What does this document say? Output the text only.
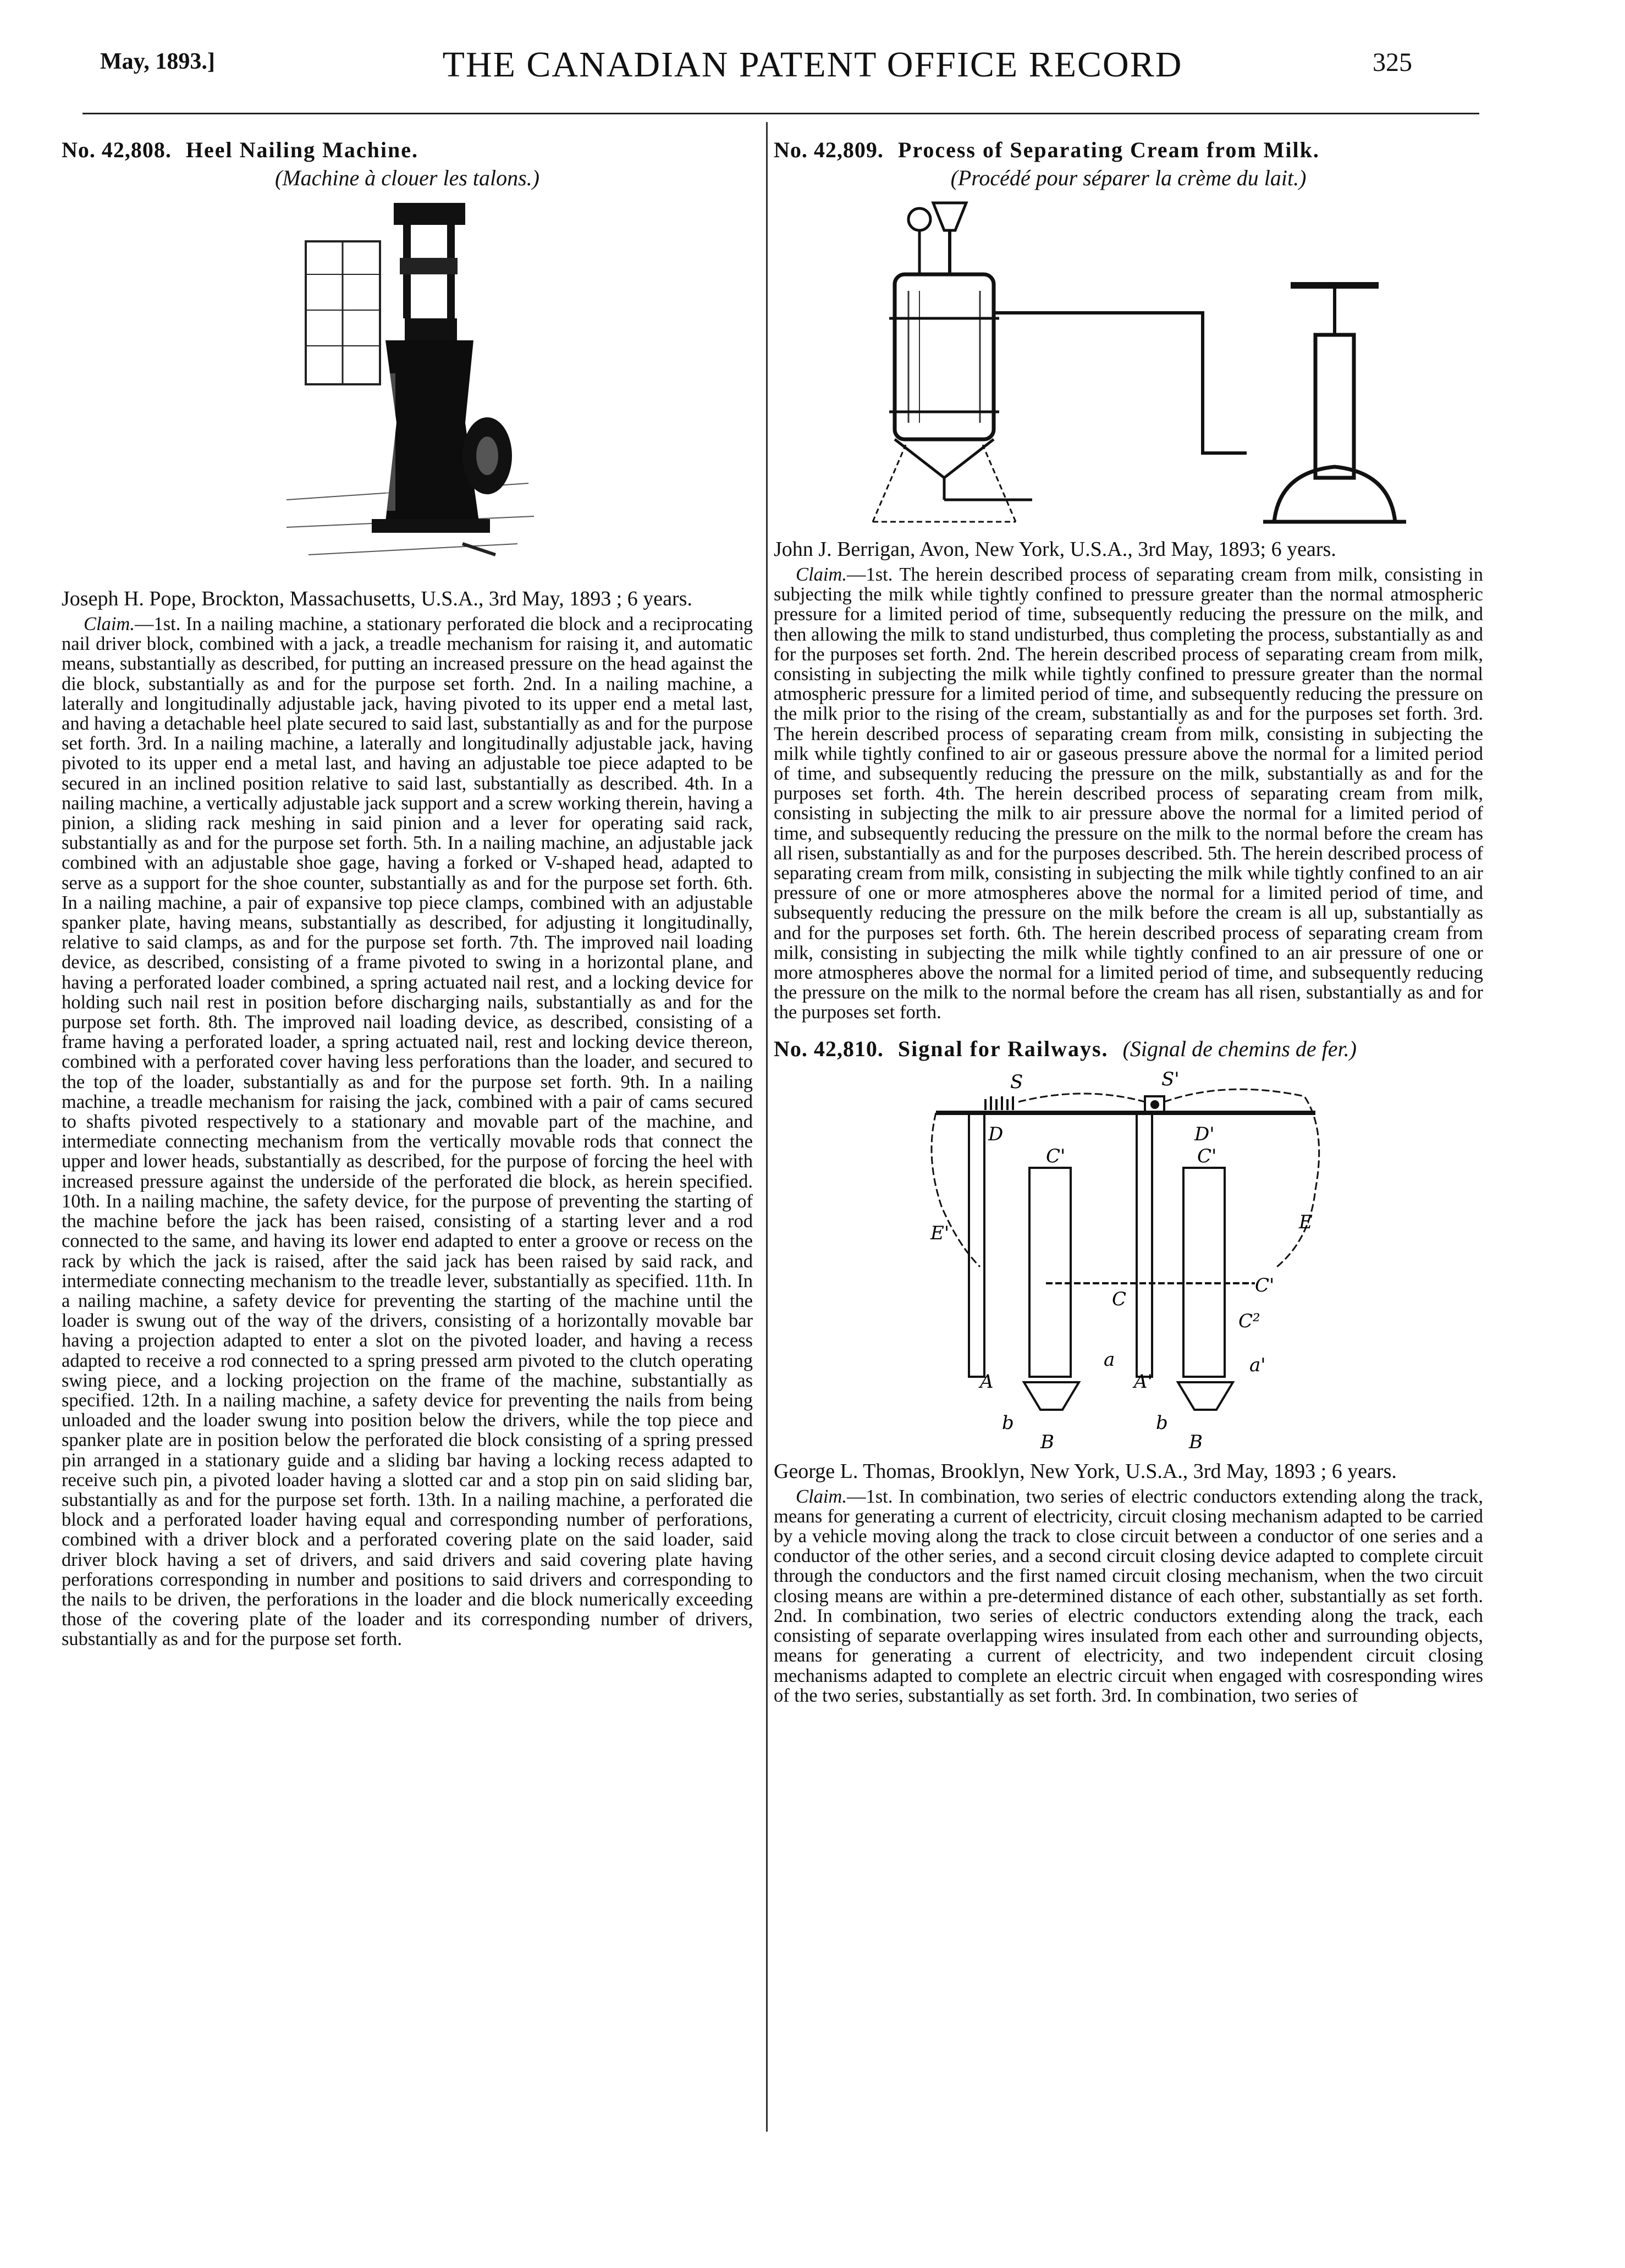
May, 1893.]	THE CANADIAN PATENT OFFICE RECORD	325
No. 42,808. Heel Nailing Machine.
(Machine à clouer les talons.)
Joseph H. Pope, Brockton, Massachusetts, U.S.A., 3rd May, 1893 ; 6 years.

Claim.—1st. In a nailing machine, a stationary perforated die block and a reciprocating nail driver block, combined with a jack, a treadle mechanism for raising it, and automatic means, substantially as described, for putting an increased pressure on the head against the die block, substantially as and for the purpose set forth. 2nd. In a nailing machine, a laterally and longitudinally adjustable jack, having pivoted to its upper end a metal last, and having a detachable heel plate secured to said last, substantially as and for the purpose set forth. 3rd. In a nailing machine, a laterally and longitudinally adjustable jack, having pivoted to its upper end a metal last, and having an adjustable toe piece adapted to be secured in an inclined position relative to said last, substantially as described. 4th. In a nailing machine, a vertically adjustable jack support and a screw working therein, having a pinion, a sliding rack meshing in said pinion and a lever for operating said rack, substantially as and for the purpose set forth. 5th. In a nailing machine, an adjustable jack combined with an adjustable shoe gage, having a forked or V-shaped head, adapted to serve as a support for the shoe counter, substantially as and for the purpose set forth. 6th. In a nailing machine, a pair of expansive top piece clamps, combined with an adjustable spanker plate, having means, substantially as described, for adjusting it longitudinally, relative to said clamps, as and for the purpose set forth. 7th. The improved nail loading device, as described, consisting of a frame pivoted to swing in a horizontal plane, and having a perforated loader combined, a spring actuated nail rest, and a locking device for holding such nail rest in position before discharging nails, substantially as and for the purpose set forth. 8th. The improved nail loading device, as described, consisting of a frame having a perforated loader, a spring actuated nail, rest and locking device thereon, combined with a perforated cover having less perforations than the loader, and secured to the top of the loader, substantially as and for the purpose set forth. 9th. In a nailing machine, a treadle mechanism for raising the jack, combined with a pair of cams secured to shafts pivoted respectively to a stationary and movable part of the machine, and intermediate connecting mechanism from the vertically movable rods that connect the upper and lower heads, substantially as described, for the purpose of forcing the heel with increased pressure against the underside of the perforated die block, as herein specified. 10th. In a nailing machine, the safety device, for the purpose of preventing the starting of the machine before the jack has been raised, consisting of a starting lever and a rod connected to the same, and having its lower end adapted to enter a groove or recess on the rack by which the jack is raised, after the said jack has been raised by said rack, and intermediate connecting mechanism to the treadle lever, substantially as specified. 11th. In a nailing machine, a safety device for preventing the starting of the machine until the loader is swung out of the way of the drivers, consisting of a horizontally movable bar having a projection adapted to enter a slot on the pivoted loader, and having a recess adapted to receive a rod connected to a spring pressed arm pivoted to the clutch operating swing piece, and a locking projection on the frame of the machine, substantially as specified. 12th. In a nailing machine, a safety device for preventing the nails from being unloaded and the loader swung into position below the drivers, while the top piece and spanker plate are in position below the perforated die block consisting of a spring pressed pin arranged in a stationary guide and a sliding bar having a locking recess adapted to receive such pin, a pivoted loader having a slotted car and a stop pin on said sliding bar, substantially as and for the purpose set forth. 13th. In a nailing machine, a perforated die block and a perforated loader having equal and corresponding number of perforations, combined with a driver block and a perforated covering plate on the said loader, said driver block having a set of drivers, and said drivers and said covering plate having perforations corresponding in number and positions to said drivers and corresponding to the nails to be driven, the perforations in the loader and die block numerically exceeding those of the covering plate of the loader and its corresponding number of drivers, substantially as and for the purpose set forth.

No. 42,809. Process of Separating Cream from Milk.
(Procédé pour séparer la crème du lait.)
John J. Berrigan, Avon, New York, U.S.A., 3rd May, 1893; 6 years.

Claim.—1st. The herein described process of separating cream from milk, consisting in subjecting the milk while tightly confined to pressure greater than the normal atmospheric pressure for a limited period of time, subsequently reducing the pressure on the milk, and then allowing the milk to stand undisturbed, thus completing the process, substantially as and for the purposes set forth. 2nd. The herein described process of separating cream from milk, consisting in subjecting the milk while tightly confined to pressure greater than the normal atmospheric pressure for a limited period of time, and subsequently reducing the pressure on the milk prior to the rising of the cream, substantially as and for the purposes set forth. 3rd. The herein described process of separating cream from milk, consisting in subjecting the milk while tightly confined to air or gaseous pressure above the normal for a limited period of time, and subsequently reducing the pressure on the milk, substantially as and for the purposes set forth. 4th. The herein described process of separating cream from milk, consisting in subjecting the milk to air pressure above the normal for a limited period of time, and subsequently reducing the pressure on the milk to the normal before the cream has all risen, substantially as and for the purposes described. 5th. The herein described process of separating cream from milk, consisting in subjecting the milk while tightly confined to an air pressure of one or more atmospheres above the normal for a limited period of time, and subsequently reducing the pressure on the milk before the cream is all up, substantially as and for the purposes set forth. 6th. The herein described process of separating cream from milk, consisting in subjecting the milk while tightly confined to an air pressure of one or more atmospheres above the normal for a limited period of time, and subsequently reducing the pressure on the milk to the normal before the cream has all risen, substantially as and for the purposes set forth.

No. 42,810. Signal for Railways. (Signal de chemins de fer.)
S	S'
D	D'
C'	C'
E
E'
C
C'
C²
A
a
A'
a'
b	b
B	B
George L. Thomas, Brooklyn, New York, U.S.A., 3rd May, 1893 ; 6 years.

Claim.—1st. In combination, two series of electric conductors extending along the track, means for generating a current of electricity, circuit closing mechanism adapted to be carried by a vehicle moving along the track to close circuit between a conductor of one series and a conductor of the other series, and a second circuit closing device adapted to complete circuit through the conductors and the first named circuit closing mechanism, when the two circuit closing means are within a pre-determined distance of each other, substantially as set forth. 2nd. In combination, two series of electric conductors extending along the track, each consisting of separate overlapping wires insulated from each other and surrounding objects, means for generating a current of electricity, and two independent circuit closing mechanisms adapted to complete an electric circuit when engaged with cosresponding wires of the two series, substantially as set forth. 3rd. In combination, two series of
